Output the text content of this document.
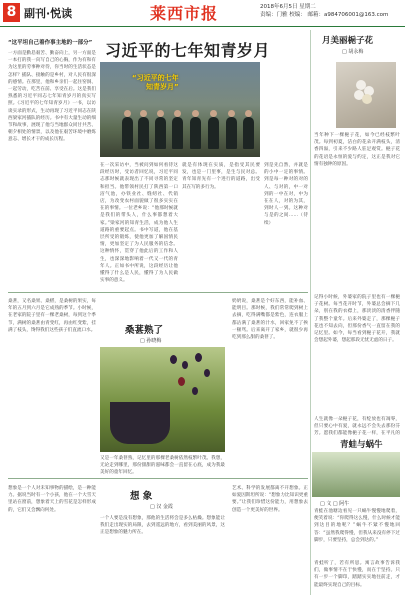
8 副刊·悦读	莱西市报	2018年6月5日 星期二
责编：门雅 校编： 邮箱：a984706001@163.com
“这平坦自己着作事主地的一部分” 习近平的七年知青岁月
一方面是勤恳艰苦、勤奋向上，另一方面是一本打的我一向写自己的心胸，作为有和有为这里的劳事种对待，你当时的生活状态是怎样？插队、接触的是乡村，对人民有很深的感情。在那里，他和乡亲们一起住窑洞、一起劳动，吃苦在前、享受在后。这是我们熟悉的习近平同志七年知青岁月的真实写照。《习近平的七年知青岁月》一书，以访谈实录的形式，生动再现了习近平同志在陕西梁家河插队的经历。书中有大量生动的细节和故事，展现了他与当地群众同甘共苦、朝夕相处的情景，以及他在艰苦环境中磨炼意志、增长才干的成长历程。
“习近平的七年
知青岁月”
在一次采访中，当被问到如何看待这段经历时，受访者回忆说，习近平同志那时候就表现出了不同寻常的坚定和担当。他带领村民打了陕西第一口沼气池，办铁业社、缝纫社、代销店，为改变农村面貌做了很多实实在在的事情。一位老乡说：“他那时候就是我们的带头人，什么事都想着大家。”梁家河的知青生活，成为他人生道路的重要起点。书中写道，他在基层所受的锻炼，使他更加了解国情民情，更加坚定了为人民服务的信念。这种情怀，贯穿了他此后的工作和人生，也深深地影响着一代又一代的青年人。正如书中所说，这段经历让他懂得了什么是人民，懂得了为人民做实事的意义。
就是有体现在实质，是指受其民要发，也是一门里事，是生与民对总。青年知青先有一个进行的道路，出受其在写的多行为。
到是先自然，并就是的小中一定的事情。到是每一种对的对的人、与对的，中一对到的一中在对，中为在在人，对的为其，到时人一到。这种对与是的之间……（待续）
桑葚，又名桑果、桑椹，是桑树的果实，每年的五月到六月是它成熟的季节。小时候，在老家的院子里有一棵老桑树，每到这个季节，满树的桑葚由青变红，再由红变紫，挂满了枝头，馋得我们这些孩子们直流口水。	桑葚熟了
□ 孙晓梅
奶奶说，桑葚是个好东西，能补血、能明目。那时候，我们常常爬到树上去摘，吃得满嘴都是紫色，连衣服上都沾满了桑葚的汁水，回家免不了挨一顿骂。后来离开了家乡，就很少再吃到那么甜的桑葚了。
又是一年桑葚熟，记忆里的那棵老桑树依然枝繁叶茂。我想，无论走到哪里，那份甜甜的滋味都会一直留在心底，成为我最美好的童年回忆。
想象是一个人对未知事物的描绘，是一种能力。据说当时有一个小孩，他在一个大雪天里站在窗前，想象着天上的雪花是怎样形成的，它们又会飘向何处。
想 象
□ 汉 金霞
一个人要是没有想象，那他的生活将会是多么枯燥。想象能让我们走出现实的局限，去到遥远的地方，看到美丽的风景，这正是想象的魅力所在。
艺术、科学的发展都离不开想象。正如爱因斯坦所说：“想象力比知识更重要。”让我们珍惜这份能力，用想象去创造一个更美好的世界。
月美丽梔子花
□ 胡永梅
当年种下一棵梔子花，如今已经枝繁叶茂。每到初夏，洁白的花朵开满枝头，清香四溢，引来不少路人驻足观赏。梔子花的花语是永恒的爱与约定，这正是我对它情有独钟的原因。
记得小时候，外婆家的院子里也有一棵梔子花树。每当花开时节，外婆总会摘下几朵，别在我的衣襟上，那淡淡的清香伴随了我整个童年。后来外婆走了，那棵梔子花也不知去向，但那份香气一直留在我的记忆里。如今，每当看到梔子花开，我就会想起外婆，想起那段无忧无虑的日子。
人生就像一朵梔子花，有绽放也有凋零，但只要心中有爱，就永远不会失去那份芬芳。愿我们都能像梔子花一样，在平凡的
青蛙与蜗牛
□ 文 □ 阿牛
青蛙在池塘边看见一只蜗牛慢慢地爬着，便笑着说：“你爬得这么慢，什么时候才能到达目的地呢？”蜗牛不紧不慢地回答：“虽然我爬得慢，但我从来没有停下过脚步，只要坚持，总会到达的。”
青蛙听了，若有所思。寓言故事告诉我们，做事情不在于快慢，而在于坚持。只有一步一个脚印，踏踏实实地往前走，才能最终实现自己的目标。
